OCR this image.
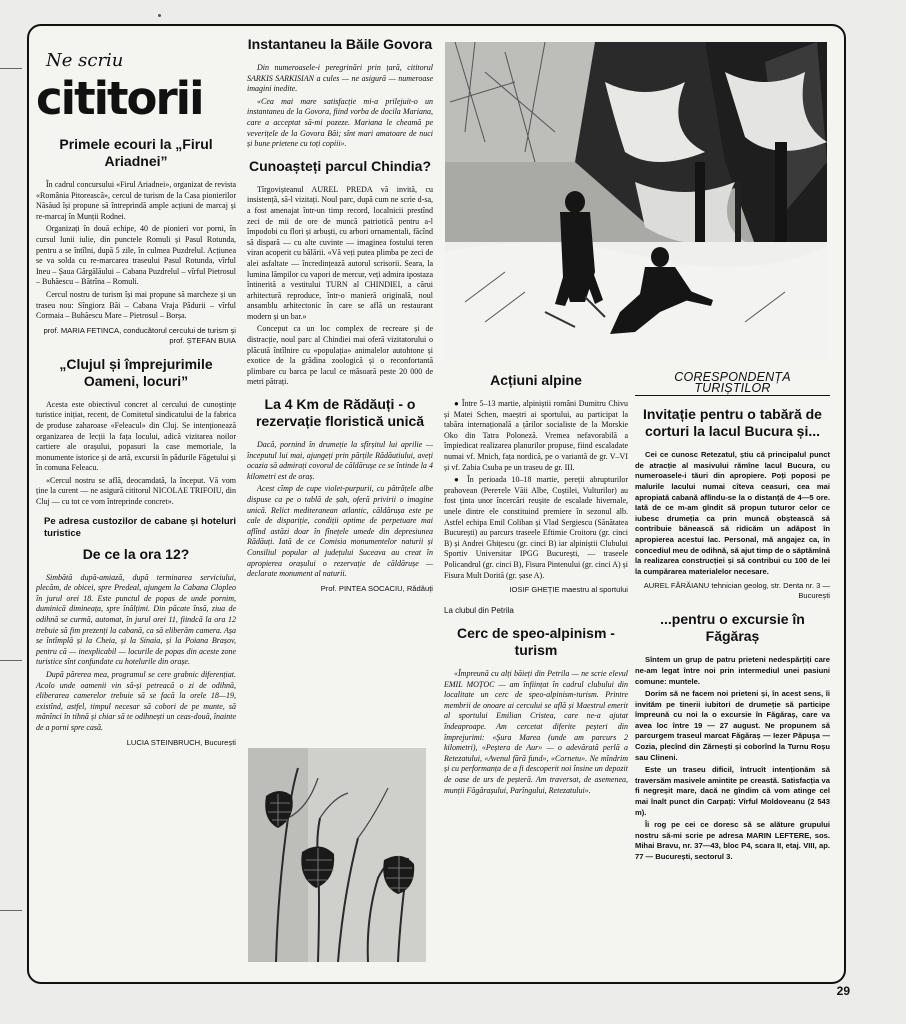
Ne scriu
cititorii
Primele ecouri la „Firul Ariadnei”

În cadrul concursului «Firul Ariadnei», organizat de revista «România Pitorească», cercul de turism de la Casa pionierilor Năsăud își propune să întreprindă ample acțiuni de marcaj și re-marcaj în Munții Rodnei.

Organizați în două echipe, 40 de pionieri vor porni, în cursul lunii iulie, din punctele Romuli și Pasul Rotunda, pentru a se întîlni, după 5 zile, în culmea Puzdrelul. Acțiunea se va solda cu re-marcarea traseului Pasul Rotunda, vîrful Ineu – Șaua Gărgălăului – Cabana Puzdrelul – vîrful Pietrosul – Buhăescu – Bătrîna – Romuli.

Cercul nostru de turism își mai propune să marcheze și un traseu nou: Sîngiorz Băi – Cabana Vraja Pădurii – vîrful Cormaia – Buhăescu Mare – Pietrosul – Borșa.

prof. MARIA FETINCA, conducătorul cercului de turism și prof. ȘTEFAN BUIA
„Clujul și împrejurimile Oameni, locuri”

Acesta este obiectivul concret al cercului de cunoștințe turistice inițiat, recent, de Comitetul sindicatului de la fabrica de produse zaharoase «Feleacul» din Cluj. Se intenționează organizarea de lecții la fața locului, adică vizitarea noilor cartiere ale orașului, popasuri la case memoriale, la monumente istorice și de artă, excursii în pădurile Făgetului și în comuna Feleacu.

«Cercul nostru se află, deocamdată, la început. Vă vom ține la curent — ne asigură cititorul NICOLAE TRIFOIU, din Cluj — cu tot ce vom întreprinde concret».

Pe adresa custozilor de cabane și hoteluri turistice
De ce la ora 12?

Simbătă după-amiază, după terminarea serviciului, plecăm, de obicei, spre Predeal, ajungem la Cabana Clopleo în jurul orei 18. Este punctul de popas de unde pornim, duminică dimineața, spre înălțimi. Din păcate însă, ziua de odihnă se curmă, automat, în jurul orei 11, fiindcă la ora 12 trebuie să fim prezenți la cabană, ca să eliberăm camera. Așa se întîmplă și la Cheia, și la Sinaia, și la Poiana Brașov, pentru că — inexplicabil — locurile de popas din aceste zone turistice sînt confundate cu hotelurile din orașe.

După părerea mea, programul se cere grabnic diferențiat. Acolo unde oamenii vin să-și petreacă o zi de odihnă, eliberarea camerelor trebuie să se facă la orele 18—19, existînd, astfel, timpul necesar să cobori de pe munte, să mănînci în tihnă și chiar să te odihnești un ceas-două, înainte de a porni spre casă.

LUCIA STEINBRUCH, București
Instantaneu la Băile Govora

Din numeroasele-i peregrinări prin țară, cititorul SARKIS SARKISIAN a cules — ne asigură — numeroase imagini inedite.

«Cea mai mare satisfacție mi-a prilejuit-o un instantaneu de la Govora, fiind vorba de docila Mariana, care a acceptat să-mi pozeze. Mariana le cheamă pe veverițele de la Govora Băi; sînt mari amatoare de nuci și bune prietene cu toți copiii».

Cunoașteți parcul Chindia?

Tîrgovișteanul AUREL PREDA vă invită, cu insistență, să-l vizitați. Noul parc, după cum ne scrie d-sa, a fost amenajat într-un timp record, localnicii prestînd zeci de mii de ore de muncă patriotică pentru a-l împodobi cu flori și arbuști, cu arbori ornamentali, făcînd să dispară — cu alte cuvinte — imaginea fostului teren viran acoperit cu bălării. «Vă veți putea plimba pe zeci de alei asfaltate — încredințează autorul scrisorii. Seara, la lumina lămpilor cu vapori de mercur, veți admira ipostaza întinerită a vestitului TURN al CHINDIEI, a cărui arhitectură reproduce, într-o manieră originală, noul ansamblu arhitectonic în care se află un restaurant modern și un bar.»

Conceput ca un loc complex de recreare și de distracție, noul parc al Chindiei mai oferă vizitatorului o plăcută întîlnire cu «populația» animalelor autohtone și exotice de la grădina zoologică și o reconfortantă plimbare cu barca pe lacul ce măsoară peste 20 000 de metri pătrați.

La 4 Km de Rădăuți - o rezervație floristică unică

Dacă, pornind în drumeție la sfîrșitul lui aprilie — începutul lui mai, ajungeți prin părțile Rădăutiului, aveți ocazia să admirați covorul de căldărușe ce se întinde la 4 kilometri est de oraș.

Acest cîmp de cupe violet-purpurii, cu pătrățele albe dispuse ca pe o tablă de șah, oferă privirii o imagine unică. Relict mediteranean atlantic, căldărușa este pe cale de dispariție, condiții optime de perpetuare mai aflînd astăzi doar în fînețele umede din depresiunea Rădăuți. Iată de ce Comisia monumentelor naturii și Consiliul popular al județului Suceava au creat în apropierea orașului o rezervație de căldărușe — declarate monument al naturii.

Prof. PINTEA SOCACIU, Rădăuți
Acțiuni alpine

● Între 5–13 martie, alpiniștii români Dumitru Chivu și Matei Schen, maeștri ai sportului, au participat la tabăra internațională a țărilor socialiste de la Morskie Oko din Tatra Poloneză. Vremea nefavorabilă a împiedicat realizarea planurilor propuse, fiind escaladate numai vf. Mnich, fața nordică, pe o variantă de gr. V–VI și vf. Zabia Csuba pe un traseu de gr. III.

● În perioada 10–18 martie, pereții abrupturilor prahovean (Pereтele Văii Albe, Coștilei, Vulturilor) au fost ținta unor încercări reușite de escalade hivernale, unele dintre ele constituind premiere în sezonul alb. Astfel echipa Emil Coliban și Vlad Sergiescu (Sănătatea București) au parcurs traseele Eftimie Croitoru (gr. cinci B) și Andrei Ghițescu (gr. cinci B) iar alpiniștii Clubului Sportiv Universitar IPGG București, — traseele Policandrul (gr. cinci B), Fisura Pintenului (gr. cinci A) și Fisura Mult Dorită (gr. șase A).

IOSIF GHEȚIE maestru al sportului
La clubul din Petrila
Cerc de speo-alpinism - turism

«Împreună cu alți băieți din Petrila — ne scrie elevul EMIL MOȚOC — am înființat în cadrul clubului din localitate un cerc de speo-alpinism-turism. Printre membrii de onoare ai cercului se află și Maestrul emerit al sportului Emilian Cristea, care ne-a ajutat îndeaproape. Am cercetat diferite peșteri din împrejurimi: «Șura Marea (unde am parcurs 2 kilometri), «Peștera de Aur» — o adevărată perlă a Retezatului, «Avenul fără fund», «Cornetu». Ne mîndrim și cu performanța de a fi descoperit noi însine un depozit de oase de urs de peșteră. Am traversat, de asemenea, munții Făgărașului, Parîngului, Retezatului».

CORESPONDENȚA TURIȘTILOR
Invitație pentru o tabără de corturi la lacul Bucura și...

Cei ce cunosc Retezatul, știu că principalul punct de atracție al masivului rămîne lacul Bucura, cu numeroasele-i tăuri din apropiere. Poți poposi pe malurile lacului numai cîteva ceasuri, cea mai apropiată cabană aflîndu-se la o distanță de 4—5 ore. Iată de ce m-am gîndit să propun tuturor celor ce iubesc drumeția ca prin muncă obștească să contribuie bănească să ridicăm un adăpost în apropierea acestui lac. Personal, mă angajez ca, în concediul meu de odihnă, să ajut timp de o săptămînă la realizarea construcției și să contribui cu 100 de lei la cumpărarea materialelor necesare.

AUREL FĂRĂIANU tehnician geolog, str. Denta nr. 3 — București
...pentru o excursie în Făgăraș

Sîntem un grup de patru prieteni nedespărțiți care ne-am legat între noi prin intermediul unei pasiuni comune: muntele.

Dorim să ne facem noi prieteni și, în acest sens, îi invităm pe tinerii iubitori de drumeție să participe împreună cu noi la o excursie în Făgăraș, care va avea loc între 19 — 27 august. Ne propunem să parcurgem traseul marcat Făgăraș — Iezer Păpușa — Cozia, plecînd din Zărnești și coborînd la Turnu Roșu sau Clineni.

Este un traseu dificil, întrucît intenționăm să traversăm masivele amintite pe creastă. Satisfacția va fi negreșit mare, dacă ne gîndim că vom atinge cel mai înalt punct din Carpați: Vîrful Moldoveanu (2 543 m).

Îi rog pe cei ce doresc să se alăture grupului nostru să-mi scrie pe adresa MARIN LEFTERE, sos. Mihai Bravu, nr. 37—43, bloc P4, scara II, etaj. VIII, ap. 77 — București, sectorul 3.

29
